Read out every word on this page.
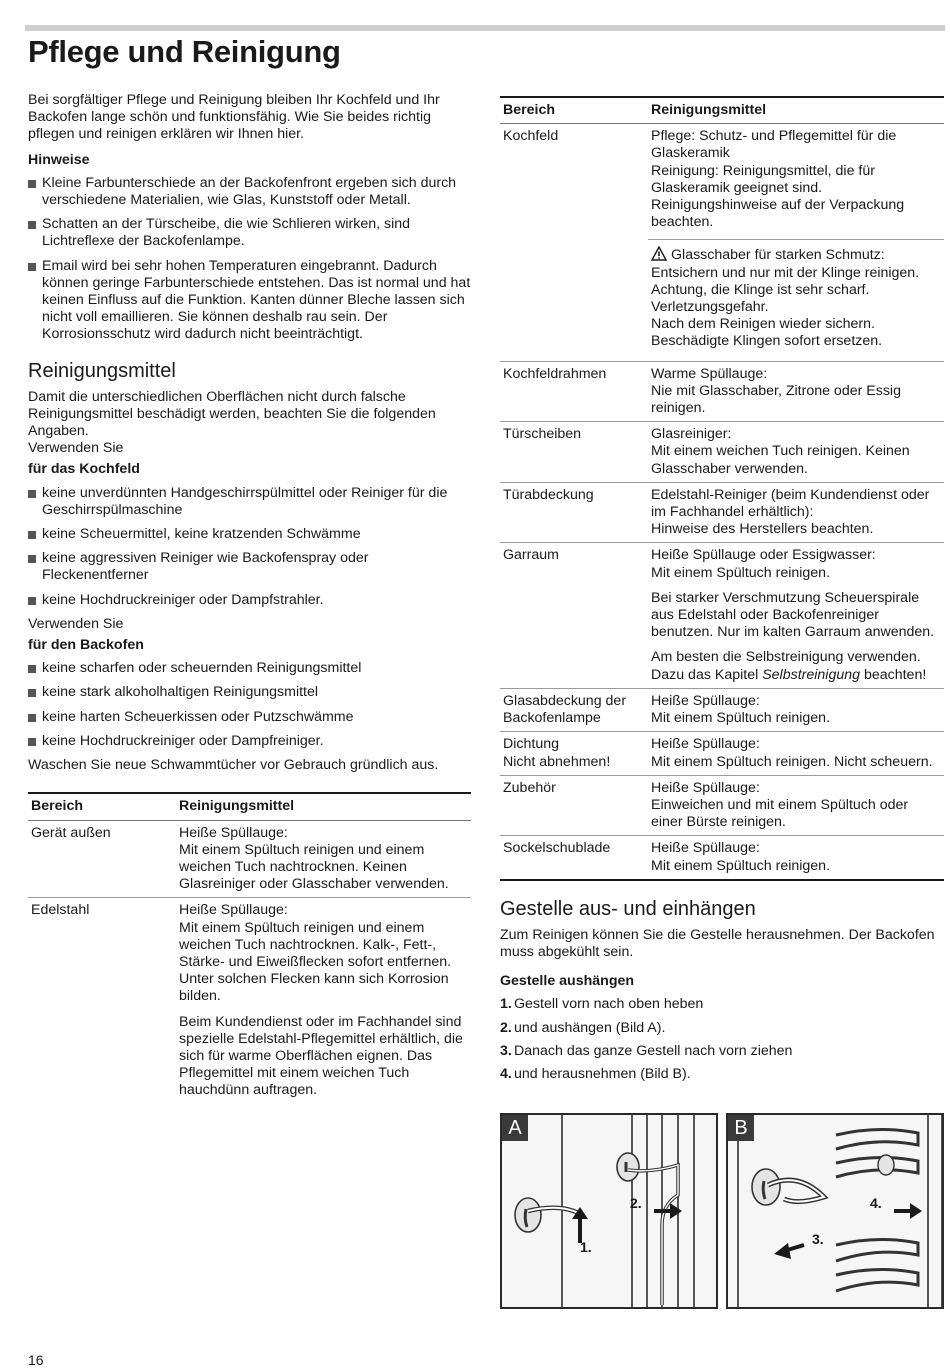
Pflege und Reinigung

Bei sorgfältiger Pflege und Reinigung bleiben Ihr Kochfeld und Ihr Backofen lange schön und funktionsfähig. Wie Sie beides richtig pflegen und reinigen erklären wir Ihnen hier.

Hinweise
Kleine Farbunterschiede an der Backofenfront ergeben sich durch verschiedene Materialien, wie Glas, Kunststoff oder Metall.
Schatten an der Türscheibe, die wie Schlieren wirken, sind Lichtreflexe der Backofenlampe.
Email wird bei sehr hohen Temperaturen eingebrannt. Dadurch können geringe Farbunterschiede entstehen. Das ist normal und hat keinen Einfluss auf die Funktion. Kanten dünner Bleche lassen sich nicht voll emaillieren. Sie können deshalb rau sein. Der Korrosionsschutz wird dadurch nicht beeinträchtigt.
Reinigungsmittel

Damit die unterschiedlichen Oberflächen nicht durch falsche Reinigungsmittel beschädigt werden, beachten Sie die folgenden Angaben.

Verwenden Sie

für das Kochfeld
keine unverdünnten Handgeschirrspülmittel oder Reiniger für die Geschirrspülmaschine
keine Scheuermittel, keine kratzenden Schwämme
keine aggressiven Reiniger wie Backofenspray oder Fleckenentferner
keine Hochdruckreiniger oder Dampfstrahler.

Verwenden Sie

für den Backofen
keine scharfen oder scheuernden Reinigungsmittel
keine stark alkoholhaltigen Reinigungsmittel
keine harten Scheuerkissen oder Putzschwämme
keine Hochdruckreiniger oder Dampfreiniger.

Waschen Sie neue Schwammtücher vor Gebrauch gründlich aus.

Bereich	Reinigungsmittel
Gerät außen	Heiße Spüllauge:
Mit einem Spültuch reinigen und einem weichen Tuch nachtrocknen. Keinen Glasreiniger oder Glasschaber verwenden.
Edelstahl	Heiße Spüllauge:
Mit einem Spültuch reinigen und einem weichen Tuch nachtrocknen. Kalk-, Fett-, Stärke- und Eiweißflecken sofort entfernen. Unter solchen Flecken kann sich Korrosion bilden.
Beim Kundendienst oder im Fachhandel sind spezielle Edelstahl-Pflegemittel erhältlich, die sich für warme Oberflächen eignen. Das Pflegemittel mit einem weichen Tuch hauchdünn auftragen.
Bereich	Reinigungsmittel
Kochfeld	Pflege: Schutz- und Pflegemittel für die Glaskeramik
Reinigung: Reinigungsmittel, die für Glaskeramik geeignet sind.
Reinigungshinweise auf der Verpackung beachten.
Glasschaber für starken Schmutz: Entsichern und nur mit der Klinge reinigen. Achtung, die Klinge ist sehr scharf. Verletzungsgefahr.
Nach dem Reinigen wieder sichern. Beschädigte Klingen sofort ersetzen.

Kochfeldrahmen	Warme Spüllauge:
Nie mit Glasschaber, Zitrone oder Essig reinigen.
Türscheiben	Glasreiniger:
Mit einem weichen Tuch reinigen. Keinen Glasschaber verwenden.
Türabdeckung	Edelstahl-Reiniger (beim Kundendienst oder im Fachhandel erhältlich):
Hinweise des Herstellers beachten.
Garraum	Heiße Spüllauge oder Essigwasser:
Mit einem Spültuch reinigen.
Bei starker Verschmutzung Scheuerspirale aus Edelstahl oder Backofenreiniger benutzen. Nur im kalten Garraum anwenden.
Am besten die Selbstreinigung verwenden. Dazu das Kapitel Selbstreinigung beachten!

Glasabdeckung der Backofenlampe	Heiße Spüllauge:
Mit einem Spültuch reinigen.
Dichtung
Nicht abnehmen!	Heiße Spüllauge:
Mit einem Spültuch reinigen. Nicht scheuern.
Zubehör	Heiße Spüllauge:
Einweichen und mit einem Spültuch oder einer Bürste reinigen.
Sockelschublade	Heiße Spüllauge:
Mit einem Spültuch reinigen.
Gestelle aus- und einhängen

Zum Reinigen können Sie die Gestelle herausnehmen. Der Backofen muss abgekühlt sein.

Gestelle aushängen
1. Gestell vorn nach oben heben
2. und aushängen (Bild A).
3. Danach das ganze Gestell nach vorn ziehen
4. und herausnehmen (Bild B).
A
1.
2.
B
3.
4.
16
